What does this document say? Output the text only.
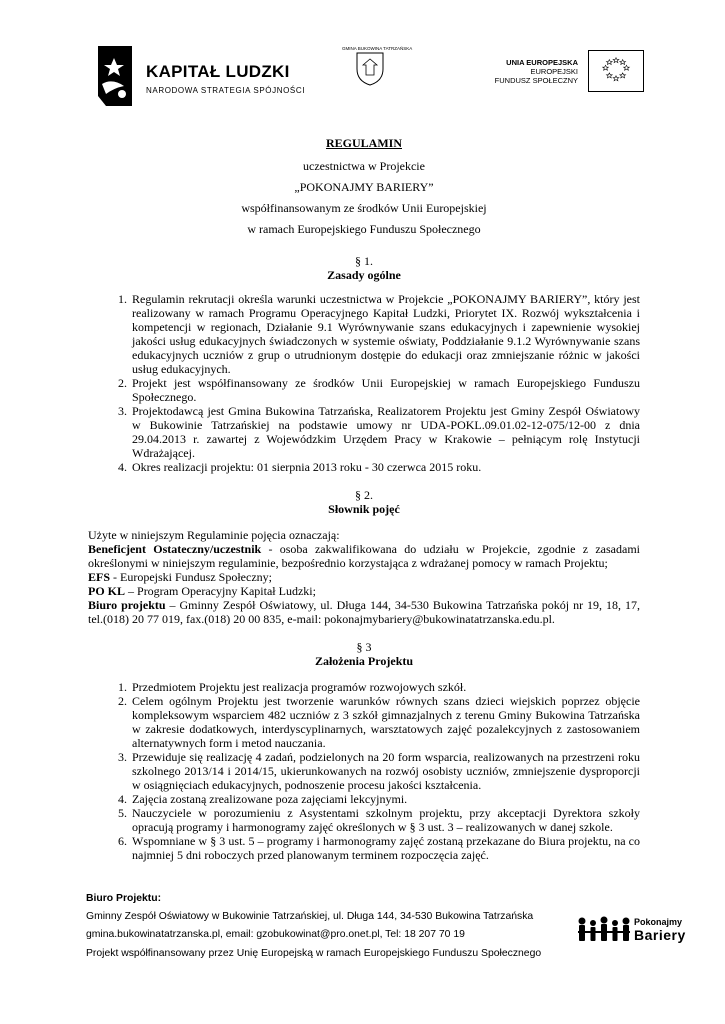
KAPITAŁ LUDZKI
NARODOWA STRATEGIA SPÓJNOŚCI
GMINA BUKOWINA TATRZAŃSKA
UNIA EUROPEJSKA
EUROPEJSKI
FUNDUSZ SPOŁECZNY

REGULAMIN

uczestnictwa w Projekcie

„POKONAJMY BARIERY”

współfinansowanym ze środków Unii Europejskiej

w ramach Europejskiego Funduszu Społecznego

§ 1.

Zasady ogólne

1. Regulamin rekrutacji określa warunki uczestnictwa w Projekcie „POKONAJMY BARIERY”, który jest realizowany w ramach Programu Operacyjnego Kapitał Ludzki, Priorytet IX. Rozwój wykształcenia i kompetencji w regionach, Działanie 9.1 Wyrównywanie szans edukacyjnych i zapewnienie wysokiej jakości usług edukacyjnych świadczonych w systemie oświaty, Poddziałanie 9.1.2 Wyrównywanie szans edukacyjnych uczniów z grup o utrudnionym dostępie do edukacji oraz zmniejszanie różnic w jakości usług edukacyjnych.
2. Projekt jest współfinansowany ze środków Unii Europejskiej w ramach Europejskiego Funduszu Społecznego.
3. Projektodawcą jest Gmina Bukowina Tatrzańska, Realizatorem Projektu jest Gminy Zespół Oświatowy w Bukowinie Tatrzańskiej na podstawie umowy nr UDA-POKL.09.01.02-12-075/12-00 z dnia 29.04.2013 r. zawartej z Wojewódzkim Urzędem Pracy w Krakowie – pełniącym rolę Instytucji Wdrażającej.
4. Okres realizacji projektu: 01 sierpnia 2013 roku - 30 czerwca 2015 roku.

§ 2.

Słownik pojęć

Użyte w niniejszym Regulaminie pojęcia oznaczają:

Beneficjent Ostateczny/uczestnik - osoba zakwalifikowana do udziału w Projekcie, zgodnie z zasadami określonymi w niniejszym regulaminie, bezpośrednio korzystająca z wdrażanej pomocy w ramach Projektu;

EFS - Europejski Fundusz Społeczny;

PO KL – Program Operacyjny Kapitał Ludzki;

Biuro projektu – Gminny Zespół Oświatowy, ul. Długa 144, 34-530 Bukowina Tatrzańska pokój nr 19, 18, 17, tel.(018) 20 77 019, fax.(018) 20 00 835, e-mail: pokonajmybariery@bukowinatatrzanska.edu.pl.

§ 3

Założenia Projektu

1. Przedmiotem Projektu jest realizacja programów rozwojowych szkół.
2. Celem ogólnym Projektu jest tworzenie warunków równych szans dzieci wiejskich poprzez objęcie kompleksowym wsparciem 482 uczniów z 3 szkół gimnazjalnych z terenu Gminy Bukowina Tatrzańska w zakresie dodatkowych, interdyscyplinarnych, warsztatowych zajęć pozalekcyjnych z zastosowaniem alternatywnych form i metod nauczania.
3. Przewiduje się realizację 4 zadań, podzielonych na 20 form wsparcia, realizowanych na przestrzeni roku szkolnego 2013/14 i 2014/15, ukierunkowanych na rozwój osobisty uczniów, zmniejszenie dysproporcji w osiągnięciach edukacyjnych, podnoszenie procesu jakości kształcenia.
4. Zajęcia zostaną zrealizowane poza zajęciami lekcyjnymi.
5. Nauczyciele w porozumieniu z Asystentami szkolnym projektu, przy akceptacji Dyrektora szkoły opracują programy i harmonogramy zajęć określonych w § 3 ust. 3 – realizowanych w danej szkole.
6. Wspomniane w § 3 ust. 5 – programy i harmonogramy zajęć zostaną przekazane do Biura projektu, na co najmniej 5 dni roboczych przed planowanym terminem rozpoczęcia zajęć.
Biuro Projektu:
Gminny Zespół Oświatowy w Bukowinie Tatrzańskiej, ul. Długa 144, 34-530 Bukowina Tatrzańska
gmina.bukowinatatrzanska.pl, email: gzobukowinat@pro.onet.pl, Tel: 18 207 70 19
Projekt współfinansowany przez Unię Europejską w ramach Europejskiego Funduszu Społecznego
Pokonajmy
Bariery
